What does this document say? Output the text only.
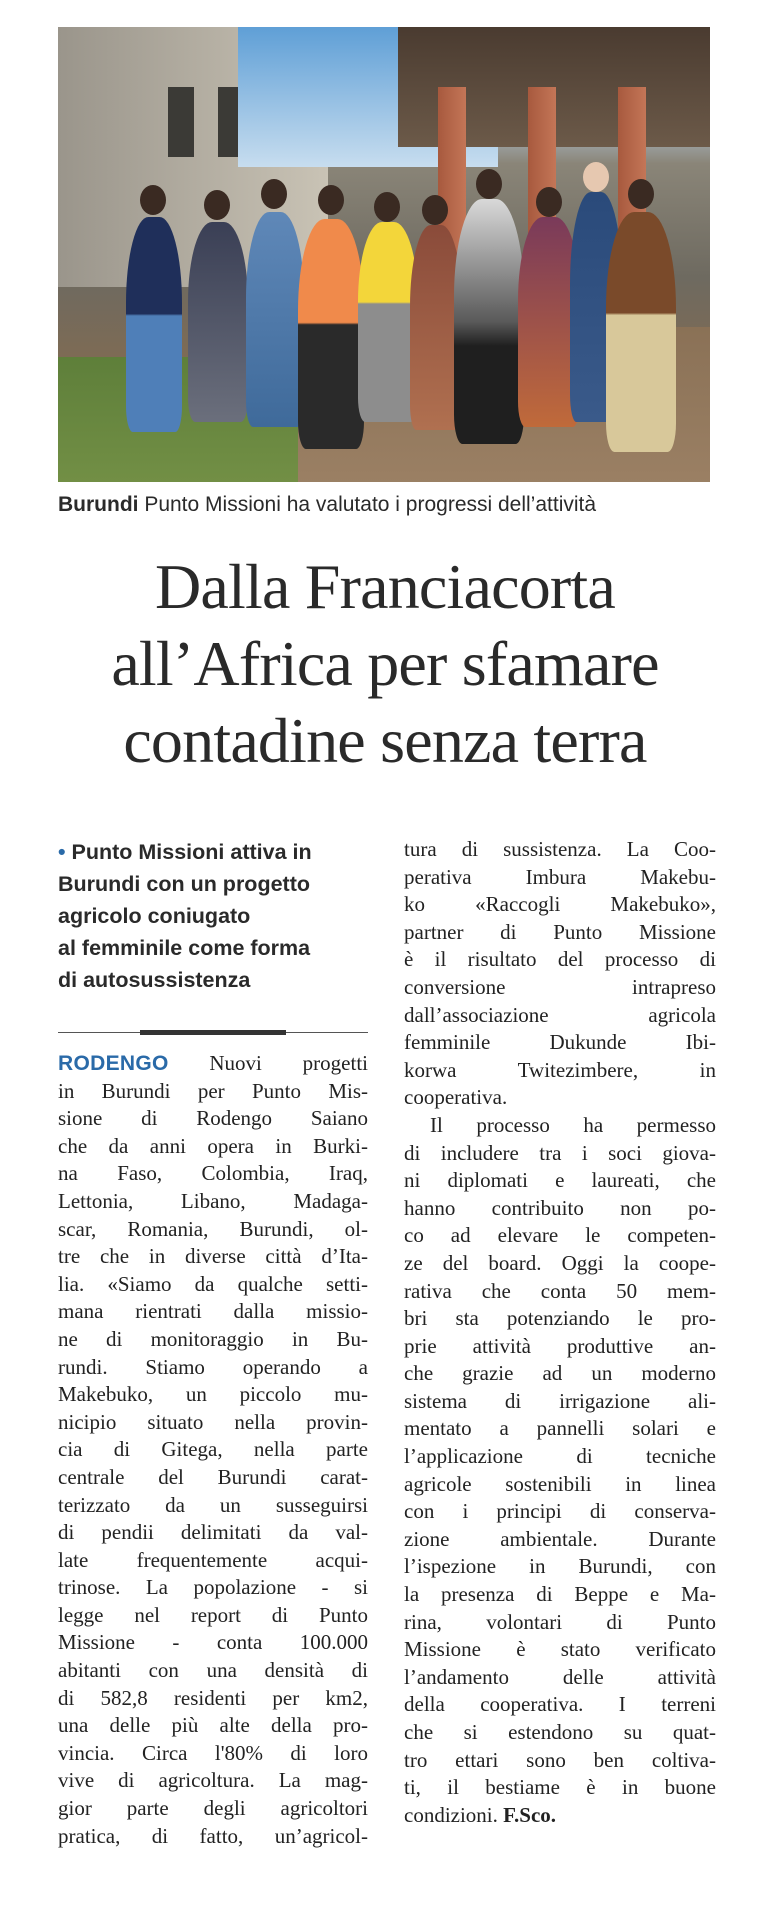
Burundi Punto Missioni ha valutato i progressi dell’attività
Dalla Franciacorta
all’Africa per sfamare
contadine senza terra
• Punto Missioni attiva in
Burundi con un progetto
agricolo coniugato
al femminile come forma
di autosussistenza
RODENGO Nuovi progetti
in Burundi per Punto Mis-
sione di Rodengo Saiano
che da anni opera in Burki-
na Faso, Colombia, Iraq,
Lettonia, Libano, Madaga-
scar, Romania, Burundi, ol-
tre che in diverse città d’Ita-
lia. «Siamo da qualche setti-
mana rientrati dalla missio-
ne di monitoraggio in Bu-
rundi. Stiamo operando a
Makebuko, un piccolo mu-
nicipio situato nella provin-
cia di Gitega, nella parte
centrale del Burundi carat-
terizzato da un susseguirsi
di pendii delimitati da val-
late frequentemente acqui-
trinose. La popolazione - si
legge nel report di Punto
Missione - conta 100.000
abitanti con una densità di
di 582,8 residenti per km2,
una delle più alte della pro-
vincia. Circa l'80% di loro
vive di agricoltura. La mag-
gior parte degli agricoltori
pratica, di fatto, un’agricol-
tura di sussistenza. La Coo-
perativa Imbura Makebu-
ko «Raccogli Makebuko»,
partner di Punto Missione
è il risultato del processo di
conversione intrapreso
dall’associazione agricola
femminile Dukunde Ibi-
korwa Twitezimbere, in
cooperativa.
Il processo ha permesso
di includere tra i soci giova-
ni diplomati e laureati, che
hanno contribuito non po-
co ad elevare le competen-
ze del board. Oggi la coope-
rativa che conta 50 mem-
bri sta potenziando le pro-
prie attività produttive an-
che grazie ad un moderno
sistema di irrigazione ali-
mentato a pannelli solari e
l’applicazione di tecniche
agricole sostenibili in linea
con i principi di conserva-
zione ambientale. Durante
l’ispezione in Burundi, con
la presenza di Beppe e Ma-
rina, volontari di Punto
Missione è stato verificato
l’andamento delle attività
della cooperativa. I terreni
che si estendono su quat-
tro ettari sono ben coltiva-
ti, il bestiame è in buone
condizioni. F.Sco.
